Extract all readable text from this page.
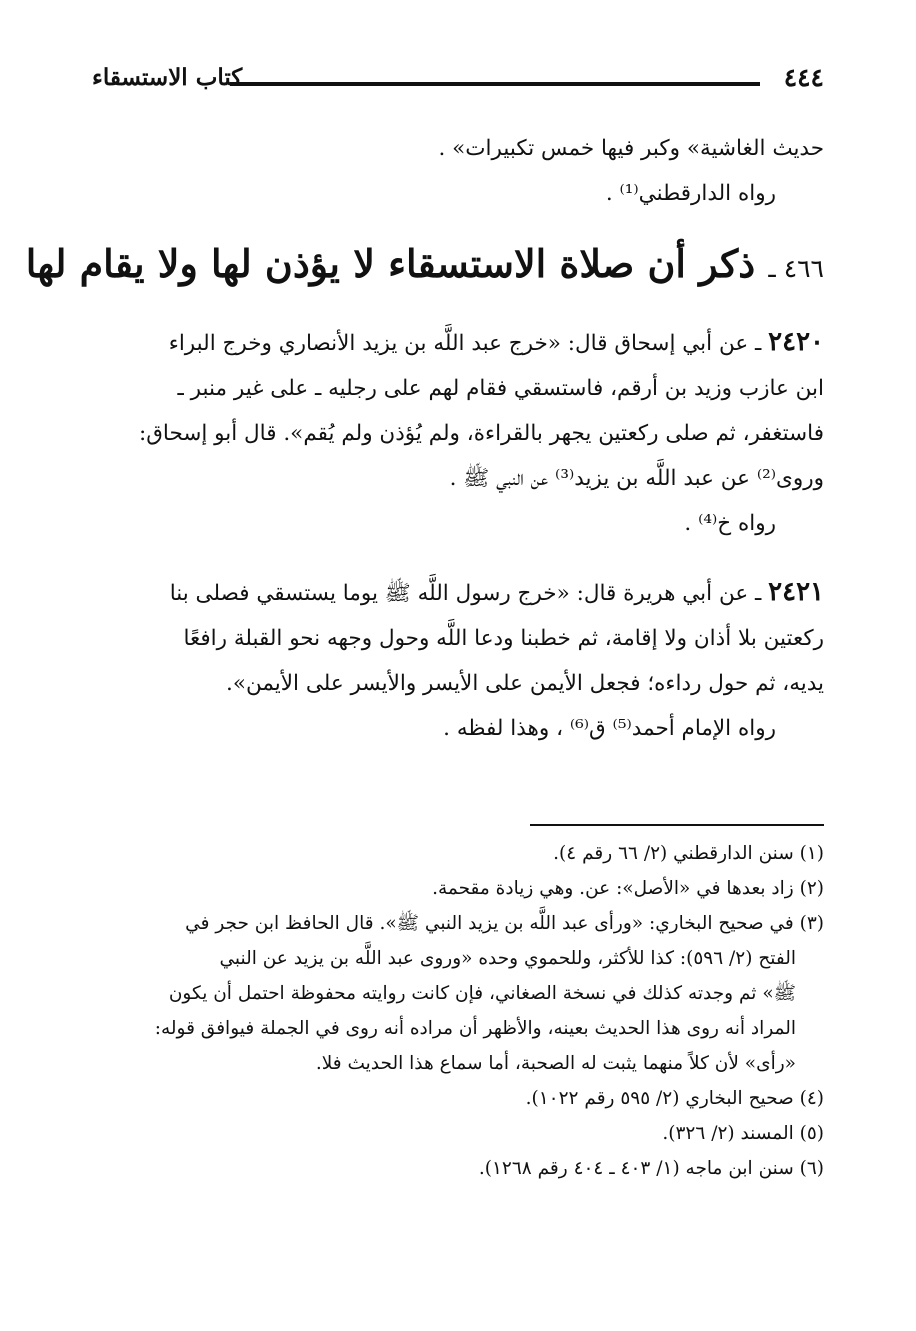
٤٤٤
كتاب الاستسقاء
حديث الغاشية» وكبر فيها خمس تكبيرات» .
رواه الدارقطني⁽¹⁾ .
٤٦٦ ـ ذكر أن صلاة الاستسقاء لا يؤذن لها ولا يقام لها
٢٤٢٠ ـ عن أبي إسحاق قال: «خرج عبد اللَّه بن يزيد الأنصاري وخرج البراء
ابن عازب وزيد بن أرقم، فاستسقي فقام لهم على رجليه ـ على غير منبر ـ
فاستغفر، ثم صلى ركعتين يجهر بالقراءة، ولم يُؤذن ولم يُقم». قال أبو إسحاق:
وروى⁽²⁾ عن عبد اللَّه بن يزيد⁽³⁾ عن النبي ﷺ .
رواه خ⁽⁴⁾ .
٢٤٢١ ـ عن أبي هريرة قال: «خرج رسول اللَّه ﷺ يوما يستسقي فصلى بنا
ركعتين بلا أذان ولا إقامة، ثم خطبنا ودعا اللَّه وحول وجهه نحو القبلة رافعًا
يديه، ثم حول رداءه؛ فجعل الأيمن على الأيسر والأيسر على الأيمن».
رواه الإمام أحمد⁽⁵⁾ ق⁽⁶⁾ ، وهذا لفظه .
(١) سنن الدارقطني (٢/ ٦٦ رقم ٤).
(٢) زاد بعدها في «الأصل»: عن. وهي زيادة مقحمة.
(٣) في صحيح البخاري: «ورأى عبد اللَّه بن يزيد النبي ﷺ». قال الحافظ ابن حجر في
الفتح (٢/ ٥٩٦): كذا للأكثر، وللحموي وحده «وروى عبد اللَّه بن يزيد عن النبي
ﷺ» ثم وجدته كذلك في نسخة الصغاني، فإن كانت روايته محفوظة احتمل أن يكون
المراد أنه روى هذا الحديث بعينه، والأظهر أن مراده أنه روى في الجملة فيوافق قوله:
«رأى» لأن كلاً منهما يثبت له الصحبة، أما سماع هذا الحديث فلا.
(٤) صحيح البخاري (٢/ ٥٩٥ رقم ١٠٢٢).
(٥) المسند (٢/ ٣٢٦).
(٦) سنن ابن ماجه (١/ ٤٠٣ ـ ٤٠٤ رقم ١٢٦٨).
